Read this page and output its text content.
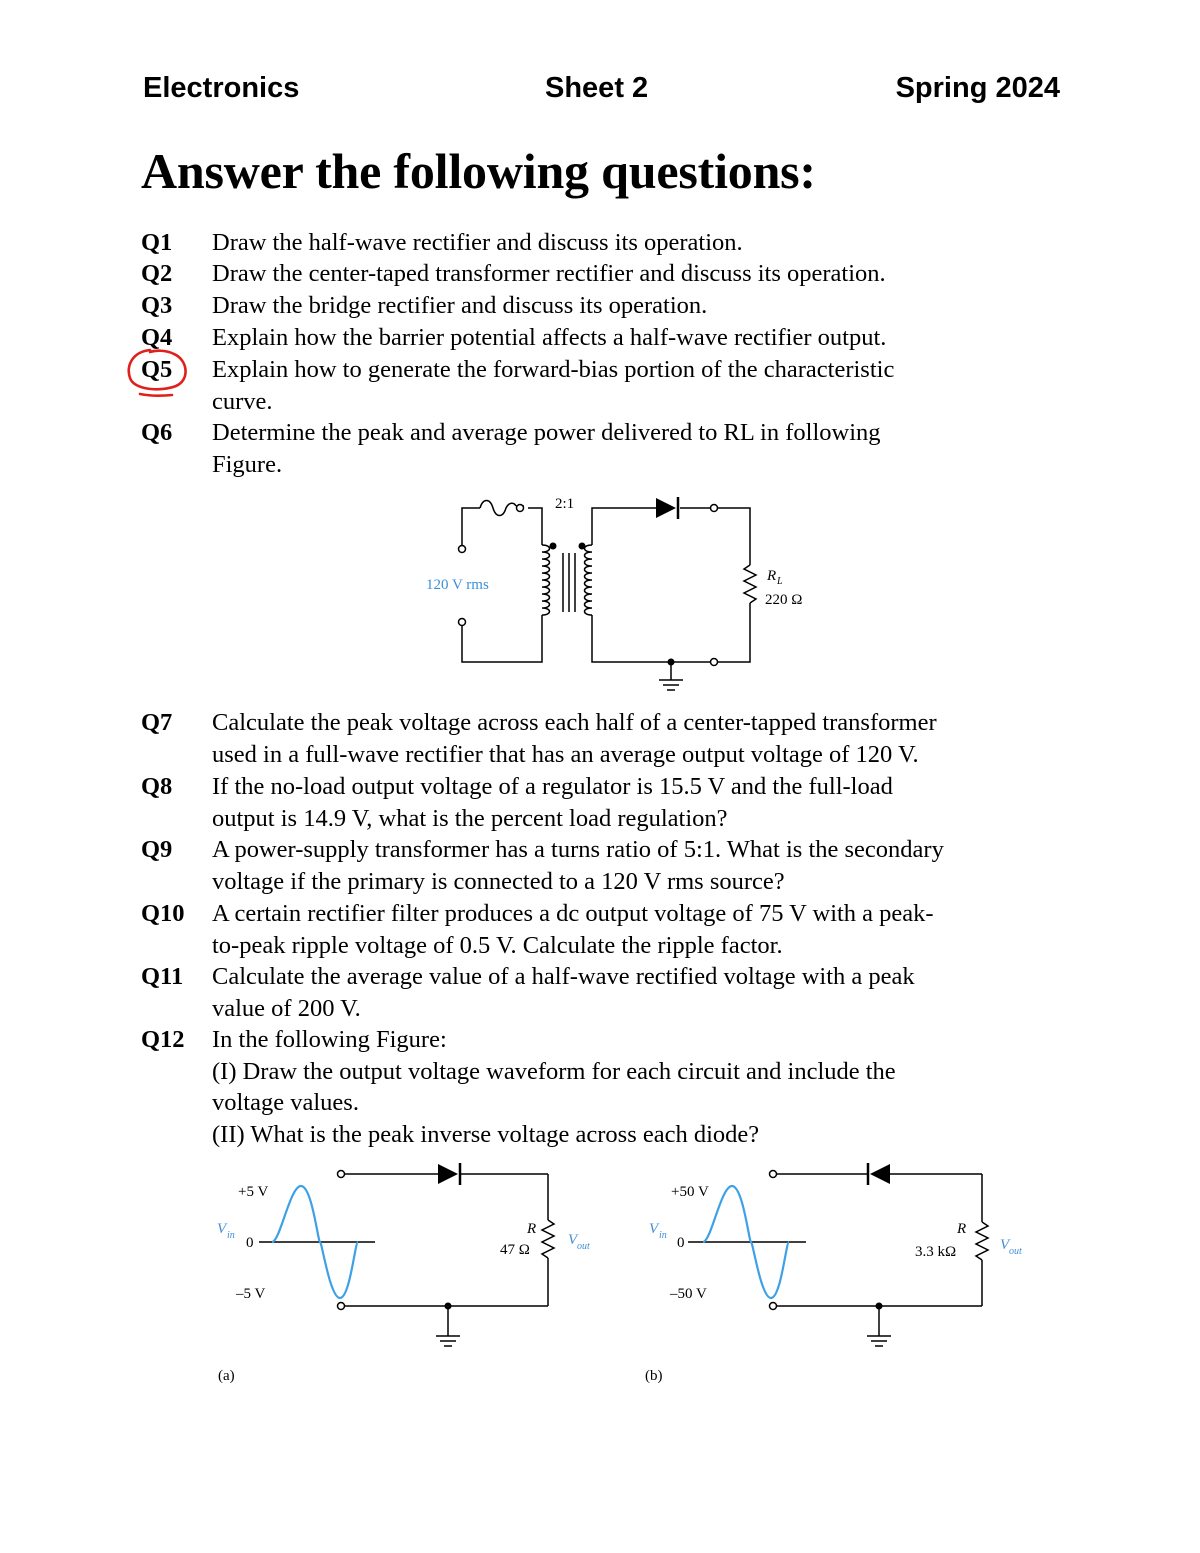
Electronics	Sheet 2	Spring 2024
Answer the following questions:
Q1	Draw the half-wave rectifier and discuss its operation.
Q2	Draw the center-taped transformer rectifier and discuss its operation.
Q3	Draw the bridge rectifier and discuss its operation.
Q4	Explain how the barrier potential affects a half-wave rectifier output.
Q5	Explain how to generate the forward-bias portion of the characteristic
curve.
Q6	Determine the peak and average power delivered to RL in following
Figure.
2:1
120 V rms
R L
220 Ω
Q7	Calculate the peak voltage across each half of a center-tapped transformer
used in a full-wave rectifier that has an average output voltage of 120 V.
Q8	If the no-load output voltage of a regulator is 15.5 V and the full-load
output is 14.9 V, what is the percent load regulation?
Q9	A power-supply transformer has a turns ratio of 5:1. What is the secondary
voltage if the primary is connected to a 120 V rms source?
Q10	A certain rectifier filter produces a dc output voltage of 75 V with a peak-
to-peak ripple voltage of 0.5 V. Calculate the ripple factor.
Q11	Calculate the average value of a half-wave rectified voltage with a peak
value of 200 V.
Q12	In the following Figure:
(I) Draw the output voltage waveform for each circuit and include the
voltage values.
(II) What is the peak inverse voltage across each diode?
+5 V
V in 0
–5 V
R
47 Ω
V out
(a)
+50 V
V in 0
–50 V
R
3.3 kΩ	V out
(b)
